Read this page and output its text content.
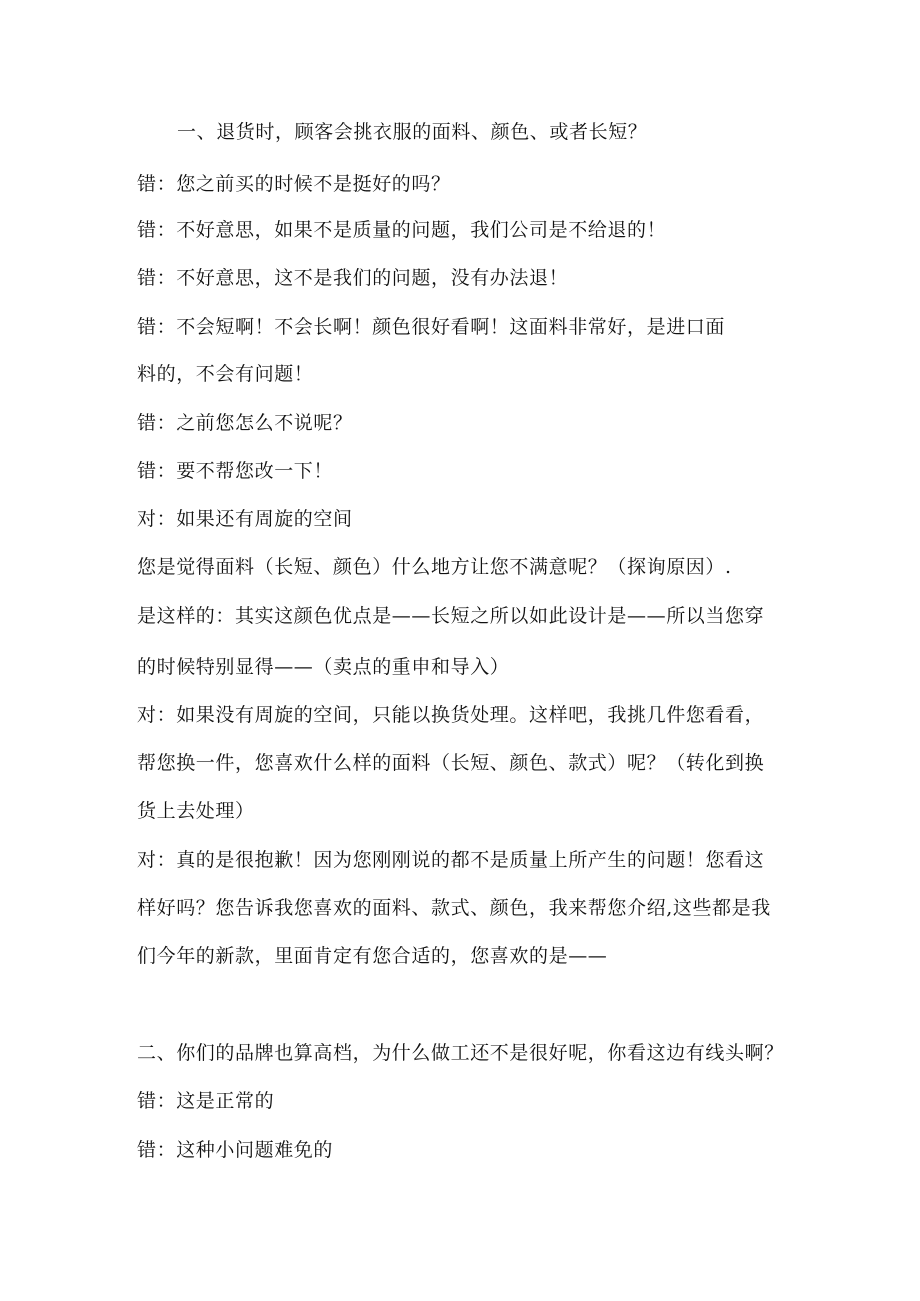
一、退货时，顾客会挑衣服的面料、颜色、或者长短？
错：您之前买的时候不是挺好的吗？
错：不好意思，如果不是质量的问题，我们公司是不给退的！
错：不好意思，这不是我们的问题，没有办法退！
错：不会短啊！不会长啊！颜色很好看啊！这面料非常好，是进口面
料的，不会有问题！
错：之前您怎么不说呢？
错：要不帮您改一下！
对：如果还有周旋的空间
您是觉得面料（长短、颜色）什么地方让您不满意呢？（探询原因）.
是这样的：其实这颜色优点是——长短之所以如此设计是——所以当您穿
的时候特别显得——（卖点的重申和导入）
对：如果没有周旋的空间，只能以换货处理。这样吧，我挑几件您看看，
帮您换一件，您喜欢什么样的面料（长短、颜色、款式）呢？（转化到换
货上去处理）
对：真的是很抱歉！因为您刚刚说的都不是质量上所产生的问题！您看这
样好吗？您告诉我您喜欢的面料、款式、颜色，我来帮您介绍,这些都是我
们今年的新款，里面肯定有您合适的，您喜欢的是——
二、你们的品牌也算高档，为什么做工还不是很好呢，你看这边有线头啊？
错：这是正常的
错：这种小问题难免的
